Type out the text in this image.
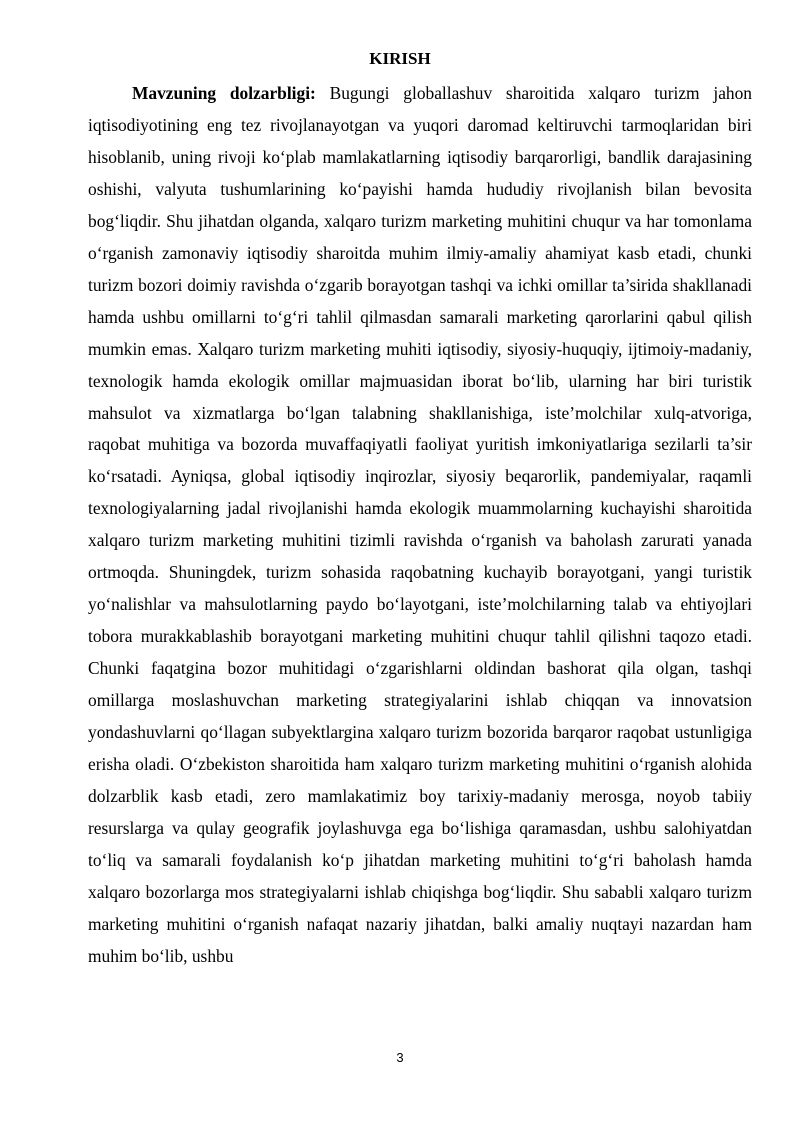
KIRISH

Mavzuning dolzarbligi: Bugungi globallashuv sharoitida xalqaro turizm jahon iqtisodiyotining eng tez rivojlanayotgan va yuqori daromad keltiruvchi tarmoqlaridan biri hisoblanib, uning rivoji ko‘plab mamlakatlarning iqtisodiy barqarorligi, bandlik darajasining oshishi, valyuta tushumlarining ko‘payishi hamda hududiy rivojlanish bilan bevosita bog‘liqdir. Shu jihatdan olganda, xalqaro turizm marketing muhitini chuqur va har tomonlama o‘rganish zamonaviy iqtisodiy sharoitda muhim ilmiy-amaliy ahamiyat kasb etadi, chunki turizm bozori doimiy ravishda o‘zgarib borayotgan tashqi va ichki omillar ta’sirida shakllanadi hamda ushbu omillarni to‘g‘ri tahlil qilmasdan samarali marketing qarorlarini qabul qilish mumkin emas. Xalqaro turizm marketing muhiti iqtisodiy, siyosiy-huquqiy, ijtimoiy-madaniy, texnologik hamda ekologik omillar majmuasidan iborat bo‘lib, ularning har biri turistik mahsulot va xizmatlarga bo‘lgan talabning shakllanishiga, iste’molchilar xulq-atvoriga, raqobat muhitiga va bozorda muvaffaqiyatli faoliyat yuritish imkoniyatlariga sezilarli ta’sir ko‘rsatadi. Ayniqsa, global iqtisodiy inqirozlar, siyosiy beqarorlik, pandemiyalar, raqamli texnologiyalarning jadal rivojlanishi hamda ekologik muammolarning kuchayishi sharoitida xalqaro turizm marketing muhitini tizimli ravishda o‘rganish va baholash zarurati yanada ortmoqda. Shuningdek, turizm sohasida raqobatning kuchayib borayotgani, yangi turistik yo‘nalishlar va mahsulotlarning paydo bo‘layotgani, iste’molchilarning talab va ehtiyojlari tobora murakkablashib borayotgani marketing muhitini chuqur tahlil qilishni taqozo etadi. Chunki faqatgina bozor muhitidagi o‘zgarishlarni oldindan bashorat qila olgan, tashqi omillarga moslashuvchan marketing strategiyalarini ishlab chiqqan va innovatsion yondashuvlarni qo‘llagan subyektlargina xalqaro turizm bozorida barqaror raqobat ustunligiga erisha oladi. O‘zbekiston sharoitida ham xalqaro turizm marketing muhitini o‘rganish alohida dolzarblik kasb etadi, zero mamlakatimiz boy tarixiy-madaniy merosga, noyob tabiiy resurslarga va qulay geografik joylashuvga ega bo‘lishiga qaramasdan, ushbu salohiyatdan to‘liq va samarali foydalanish ko‘p jihatdan marketing muhitini to‘g‘ri baholash hamda xalqaro bozorlarga mos strategiyalarni ishlab chiqishga bog‘liqdir. Shu sababli xalqaro turizm marketing muhitini o‘rganish nafaqat nazariy jihatdan, balki amaliy nuqtayi nazardan ham muhim bo‘lib, ushbu

3
